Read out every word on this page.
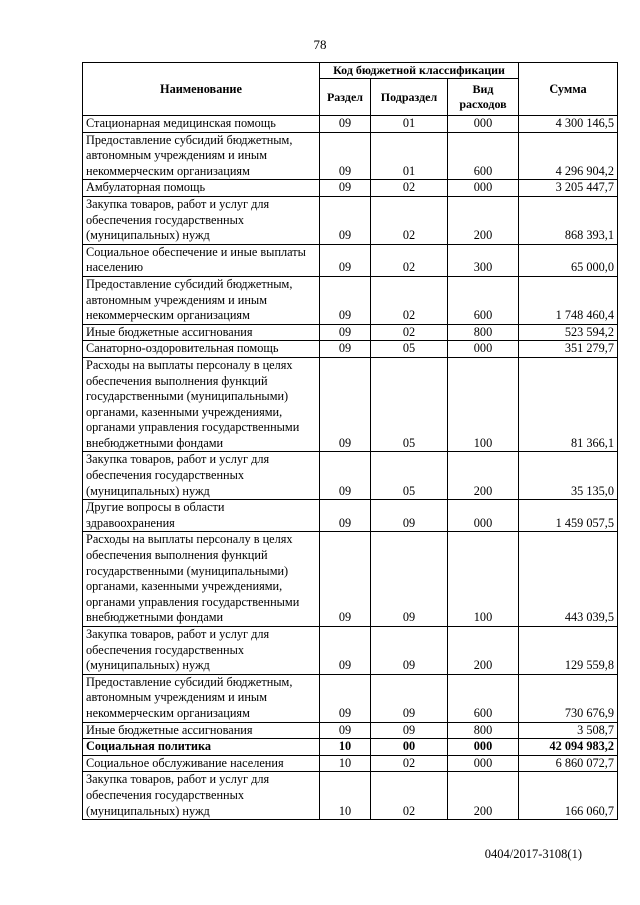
78
Наименование	Код бюджетной классификации			Сумма
	Раздел	Подраздел	Вид расходов	
Стационарная медицинская помощь	09	01	000	4 300 146,5
Предоставление субсидий бюджетным, автономным учреждениям и иным некоммерческим организациям	09	01	600	4 296 904,2
Амбулаторная помощь	09	02	000	3 205 447,7
Закупка товаров, работ и услуг для обеспечения государственных (муниципальных) нужд	09	02	200	868 393,1
Социальное обеспечение и иные выплаты населению	09	02	300	65 000,0
Предоставление субсидий бюджетным, автономным учреждениям и иным некоммерческим организациям	09	02	600	1 748 460,4
Иные бюджетные ассигнования	09	02	800	523 594,2
Санаторно-оздоровительная помощь	09	05	000	351 279,7
Расходы на выплаты персоналу в целях обеспечения выполнения функций государственными (муниципальными) органами, казенными учреждениями, органами управления государственными внебюджетными фондами	09	05	100	81 366,1
Закупка товаров, работ и услуг для обеспечения государственных (муниципальных) нужд	09	05	200	35 135,0
Другие вопросы в области здравоохранения	09	09	000	1 459 057,5
Расходы на выплаты персоналу в целях обеспечения выполнения функций государственными (муниципальными) органами, казенными учреждениями, органами управления государственными внебюджетными фондами	09	09	100	443 039,5
Закупка товаров, работ и услуг для обеспечения государственных (муниципальных) нужд	09	09	200	129 559,8
Предоставление субсидий бюджетным, автономным учреждениям и иным некоммерческим организациям	09	09	600	730 676,9
Иные бюджетные ассигнования	09	09	800	3 508,7
Социальная политика	10	00	000	42 094 983,2
Социальное обслуживание населения	10	02	000	6 860 072,7
Закупка товаров, работ и услуг для обеспечения государственных (муниципальных) нужд	10	02	200	166 060,7
0404/2017-3108(1)
